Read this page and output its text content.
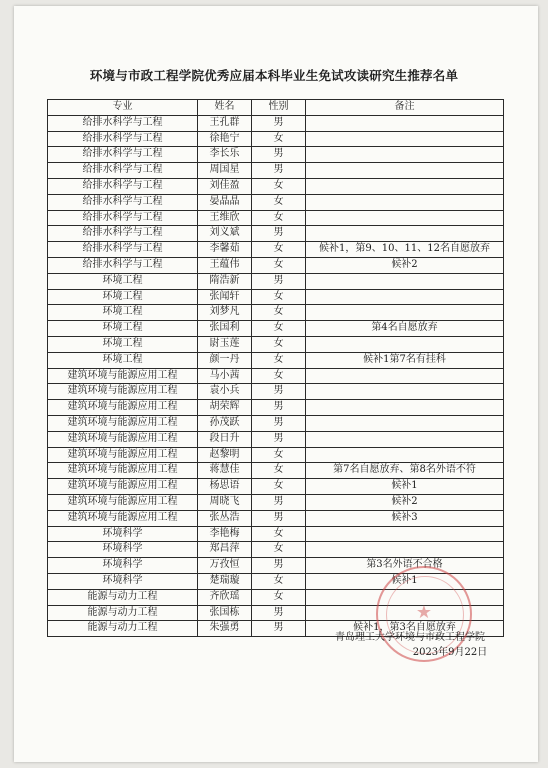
环境与市政工程学院优秀应届本科毕业生免试攻读研究生推荐名单
专业	姓名	性别	备注
给排水科学与工程	王孔群	男	
给排水科学与工程	徐艳宁	女	
给排水科学与工程	李长乐	男	
给排水科学与工程	周国星	男	
给排水科学与工程	刘佳盈	女	
给排水科学与工程	晏晶晶	女	
给排水科学与工程	王维欣	女	
给排水科学与工程	刘义斌	男	
给排水科学与工程	李馨茹	女	候补1，第9、10、11、12名自愿放弃
给排水科学与工程	王蕴伟	女	候补2
环境工程	隋浩新	男	
环境工程	张闻轩	女	
环境工程	刘梦凡	女	
环境工程	张国利	女	第4名自愿放弃
环境工程	尉玉莲	女	
环境工程	颜一丹	女	候补1第7名有挂科
建筑环境与能源应用工程	马小茜	女	
建筑环境与能源应用工程	袁小兵	男	
建筑环境与能源应用工程	胡荣辉	男	
建筑环境与能源应用工程	孙茂跃	男	
建筑环境与能源应用工程	段日升	男	
建筑环境与能源应用工程	赵黎明	女	
建筑环境与能源应用工程	蒋慧佳	女	第7名自愿放弃、第8名外语不符
建筑环境与能源应用工程	杨思语	女	候补1
建筑环境与能源应用工程	周晓飞	男	候补2
建筑环境与能源应用工程	张丛浩	男	候补3
环境科学	李艳梅	女	
环境科学	郑昌萍	女	
环境科学	万孜恒	男	第3名外语不合格
环境科学	楚瑞璇	女	候补1
能源与动力工程	齐欣瑶	女	
能源与动力工程	张国栋	男	
能源与动力工程	朱强勇	男	候补1，第3名自愿放弃
★
青岛理工大学环境与市政工程学院
2023年9月22日
